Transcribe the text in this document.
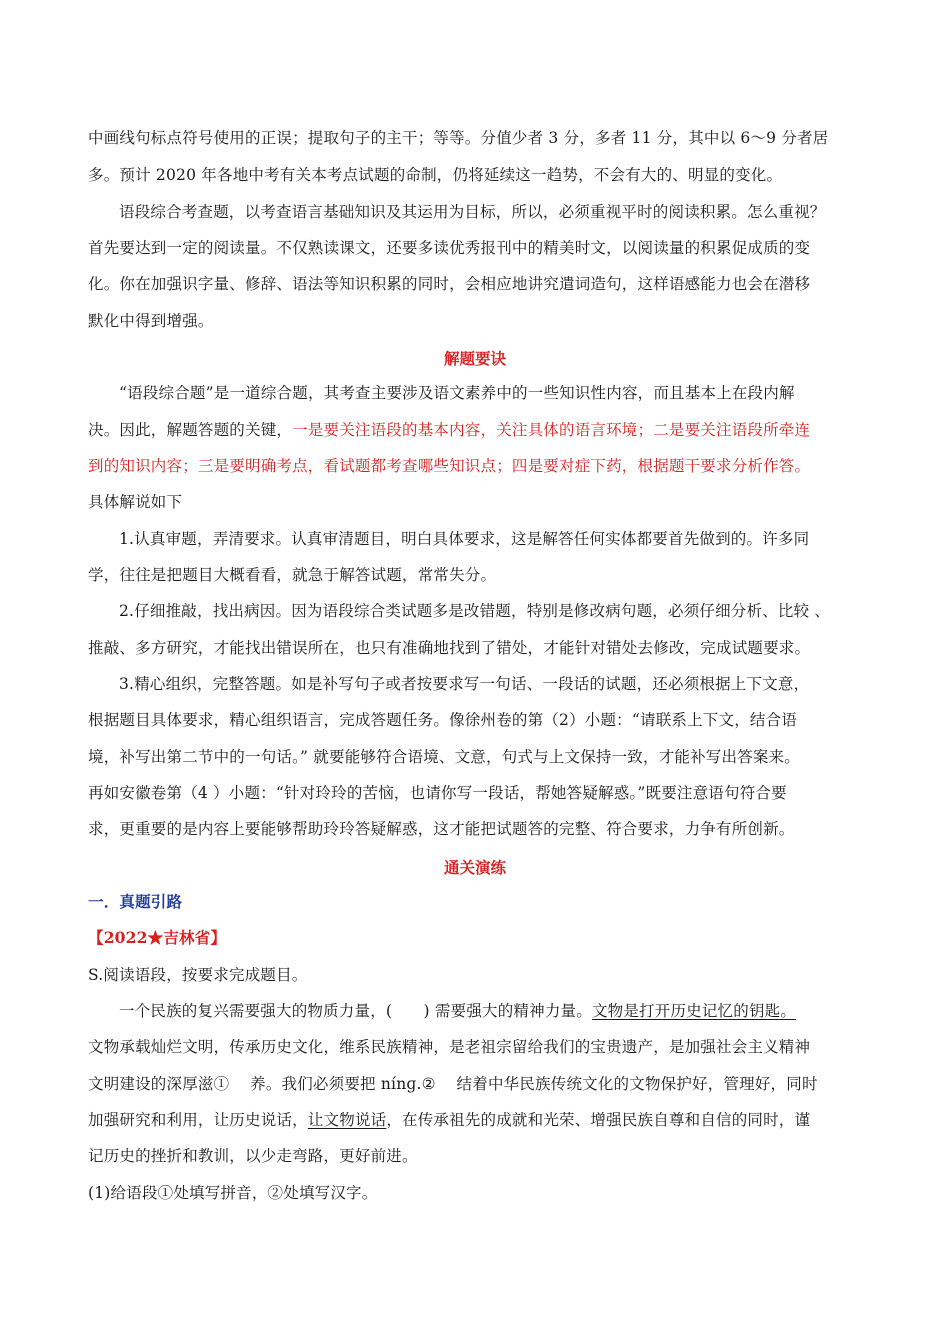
中画线句标点符号使用的正误；提取句子的主干；等等。分值少者 3 分，多者 11 分，其中以 6～9 分者居
多。预计 2020 年各地中考有关本考点试题的命制，仍将延续这一趋势，不会有大的、明显的变化。
语段综合考查题，以考查语言基础知识及其运用为目标，所以，必须重视平时的阅读积累。怎么重视？
首先要达到一定的阅读量。不仅熟读课文，还要多读优秀报刊中的精美时文，以阅读量的积累促成质的变
化。你在加强识字量、修辞、语法等知识积累的同时，会相应地讲究遣词造句，这样语感能力也会在潜移
默化中得到增强。
解题要诀
“语段综合题”是一道综合题，其考查主要涉及语文素养中的一些知识性内容，而且基本上在段内解
决。因此，解题答题的关键，一是要关注语段的基本内容，关注具体的语言环境；二是要关注语段所牵连
到的知识内容；三是要明确考点，看试题都考查哪些知识点；四是要对症下药，根据题干要求分析作答。
具体解说如下
1.认真审题，弄清要求。认真审清题目，明白具体要求，这是解答任何实体都要首先做到的。许多同
学，往往是把题目大概看看，就急于解答试题，常常失分。
2.仔细推敲，找出病因。因为语段综合类试题多是改错题，特别是修改病句题，必须仔细分析、比较 、
推敲、多方研究，才能找出错误所在，也只有准确地找到了错处，才能针对错处去修改，完成试题要求。
3.精心组织，完整答题。如是补写句子或者按要求写一句话、一段话的试题，还必须根据上下文意，
根据题目具体要求，精心组织语言，完成答题任务。像徐州卷的第（2）小题：“请联系上下文，结合语
境，补写出第二节中的一句话。” 就要能够符合语境、文意，句式与上文保持一致，才能补写出答案来。
再如安徽卷第（4 ）小题：“针对玲玲的苦恼，也请你写一段话，帮她答疑解惑。”既要注意语句符合要
求，更重要的是内容上要能够帮助玲玲答疑解惑，这才能把试题答的完整、符合要求，力争有所创新。
通关演练
一．真题引路
【2022★吉林省】
S.阅读语段，按要求完成题目。
一个民族的复兴需要强大的物质力量，(　　) 需要强大的精神力量。文物是打开历史记忆的钥匙。
文物承载灿烂文明，传承历史文化，维系民族精神，是老祖宗留给我们的宝贵遗产，是加强社会主义精神
文明建设的深厚滋①　 养。我们必须要把 nínɡ.②　 结着中华民族传统文化的文物保护好，管理好，同时
加强研究和利用，让历史说话，让文物说话，在传承祖先的成就和光荣、增强民族自尊和自信的同时，谨
记历史的挫折和教训，以少走弯路，更好前进。
(1)给语段①处填写拼音，②处填写汉字。
